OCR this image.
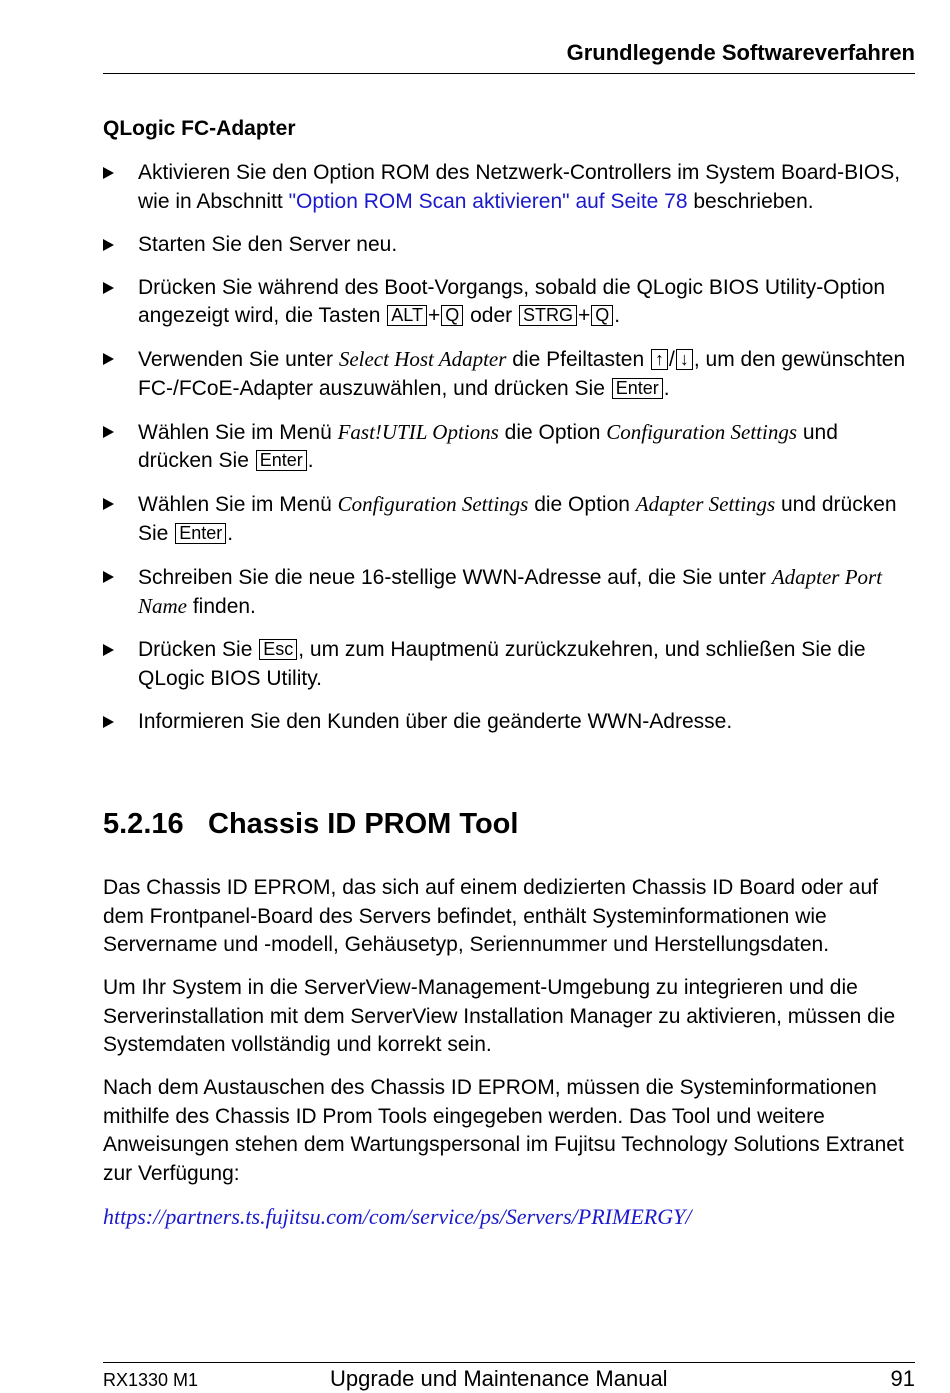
Grundlegende Softwareverfahren
QLogic FC-Adapter
Aktivieren Sie den Option ROM des Netzwerk-Controllers im System Board-BIOS, wie in Abschnitt "Option ROM Scan aktivieren" auf Seite 78 beschrieben.
Starten Sie den Server neu.
Drücken Sie während des Boot-Vorgangs, sobald die QLogic BIOS Utility-Option angezeigt wird, die Tasten ALT + Q oder STRG + Q .
Verwenden Sie unter Select Host Adapter die Pfeiltasten ↑ / ↓ , um den gewünschten FC-/FCoE-Adapter auszuwählen, und drücken Sie Enter .
Wählen Sie im Menü Fast!UTIL Options die Option Configuration Settings und drücken Sie Enter .
Wählen Sie im Menü Configuration Settings die Option Adapter Settings und drücken Sie Enter .
Schreiben Sie die neue 16-stellige WWN-Adresse auf, die Sie unter Adapter Port Name finden.
Drücken Sie Esc , um zum Hauptmenü zurückzukehren, und schließen Sie die QLogic BIOS Utility.
Informieren Sie den Kunden über die geänderte WWN-Adresse.
5.2.16 Chassis ID PROM Tool

Das Chassis ID EPROM, das sich auf einem dedizierten Chassis ID Board oder auf dem Frontpanel-Board des Servers befindet, enthält Systeminformationen wie Servername und -modell, Gehäusetyp, Seriennummer und Herstellungsdaten.

Um Ihr System in die ServerView-Management-Umgebung zu integrieren und die Serverinstallation mit dem ServerView Installation Manager zu aktivieren, müssen die Systemdaten vollständig und korrekt sein.

Nach dem Austauschen des Chassis ID EPROM, müssen die Systeminformationen mithilfe des Chassis ID Prom Tools eingegeben werden. Das Tool und weitere Anweisungen stehen dem Wartungspersonal im Fujitsu Technology Solutions Extranet zur Verfügung:

https://partners.ts.fujitsu.com/com/service/ps/Servers/PRIMERGY/

RX1330 M1	Upgrade und Maintenance Manual	91
